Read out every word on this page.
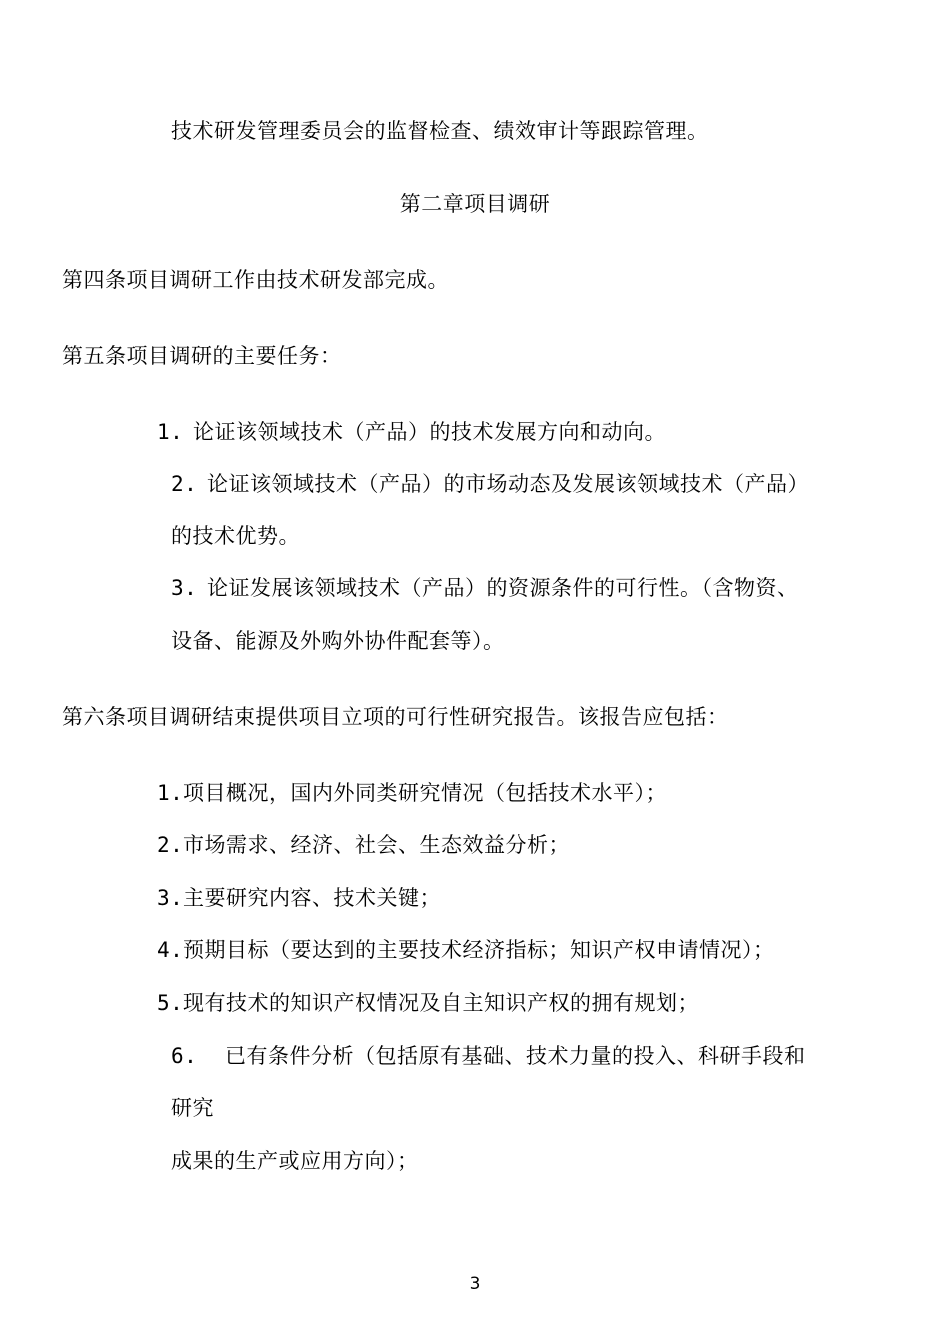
技术研发管理委员会的监督检查、绩效审计等跟踪管理。
第二章项目调研
第四条项目调研工作由技术研发部完成。
第五条项目调研的主要任务：
1. 论证该领域技术（产品）的技术发展方向和动向。
2. 论证该领域技术（产品）的市场动态及发展该领域技术（产品）
的技术优势。
3. 论证发展该领域技术（产品）的资源条件的可行性。（含物资、
设备、能源及外购外协件配套等）。
第六条项目调研结束提供项目立项的可行性研究报告。该报告应包括：
1.项目概况，国内外同类研究情况（包括技术水平）；
2.市场需求、经济、社会、生态效益分析；
3.主要研究内容、技术关键；
4.预期目标（要达到的主要技术经济指标；知识产权申请情况）；
5.现有技术的知识产权情况及自主知识产权的拥有规划；
6. 已有条件分析（包括原有基础、技术力量的投入、科研手段和
研究
成果的生产或应用方向）；
3
